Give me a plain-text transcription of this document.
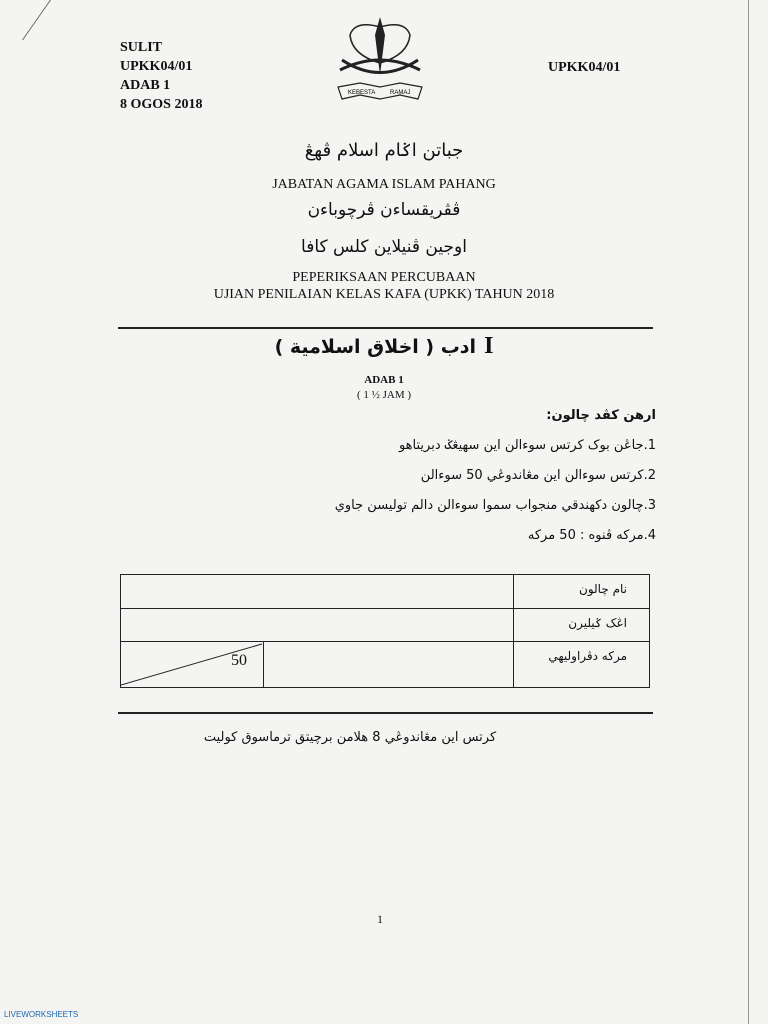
SULIT
UPKK04/01
ADAB 1
8 OGOS 2018
UPKK04/01
KEBESTA RAMAJ
جباتن اݢام اسلام ڤهڠ
JABATAN AGAMA ISLAM PAHANG
ڤڤريقساءن ڤرچوباءن
اوجين ڤنيلاين کلس کافا
PEPERIKSAAN PERCUBAAN
UJIAN PENILAIAN KELAS KAFA (UPKK) TAHUN 2018
ادب ( اخلاق اسلامية ) I
ADAB 1
( 1 ½ JAM )
ارهن کڤد چالون:
1.جاڠن بوک کرتس سوءالن اين سهيڠݢ دبريتاهو
2.کرتس سوءالن اين مڠاندوڠي 50 سوءالن
3.چالون دکهندقي منجواب سموا سوءالن دالم توليسن جاوي
4.مرکه ڤنوه : 50 مرکه
نام چالون
اڠک ݢيليرن
50	مرکه دڤراوليهي
کرتس اين مڠاندوڠي 8 هلامن برچيتق ترماسوق کولیت
1
LIVEWORKSHEETS
